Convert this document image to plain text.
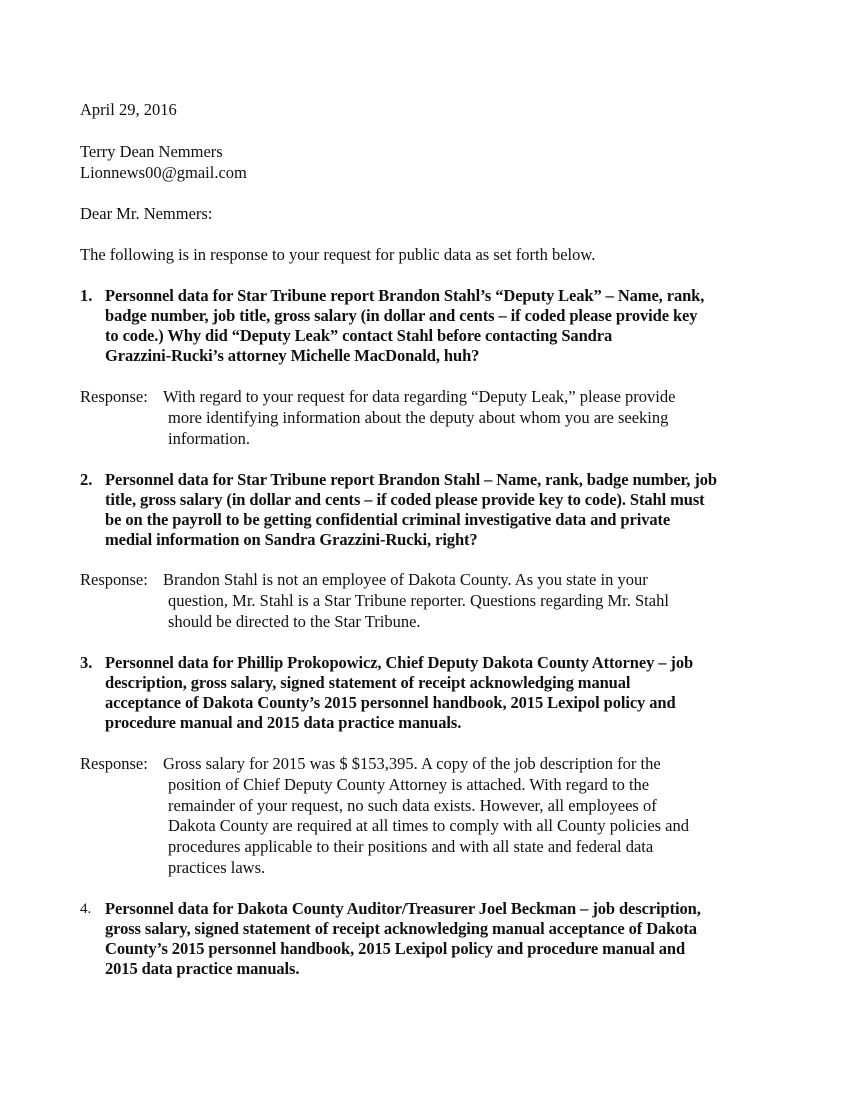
April 29, 2016

Terry Dean Nemmers
Lionnews00@gmail.com

Dear Mr. Nemmers:

The following is in response to your request for public data as set forth below.

1. Personnel data for Star Tribune report Brandon Stahl’s “Deputy Leak” – Name, rank,
badge number, job title, gross salary (in dollar and cents – if coded please provide key
to code.) Why did “Deputy Leak” contact Stahl before contacting Sandra
Grazzini-Rucki’s attorney Michelle MacDonald, huh?
Response: With regard to your request for data regarding “Deputy Leak,” please provide
more identifying information about the deputy about whom you are seeking
information.
2. Personnel data for Star Tribune report Brandon Stahl – Name, rank, badge number, job
title, gross salary (in dollar and cents – if coded please provide key to code). Stahl must
be on the payroll to be getting confidential criminal investigative data and private
medial information on Sandra Grazzini-Rucki, right?
Response: Brandon Stahl is not an employee of Dakota County. As you state in your
question, Mr. Stahl is a Star Tribune reporter. Questions regarding Mr. Stahl
should be directed to the Star Tribune.
3. Personnel data for Phillip Prokopowicz, Chief Deputy Dakota County Attorney – job
description, gross salary, signed statement of receipt acknowledging manual
acceptance of Dakota County’s 2015 personnel handbook, 2015 Lexipol policy and
procedure manual and 2015 data practice manuals.
Response: Gross salary for 2015 was $ $153,395. A copy of the job description for the
position of Chief Deputy County Attorney is attached. With regard to the
remainder of your request, no such data exists. However, all employees of
Dakota County are required at all times to comply with all County policies and
procedures applicable to their positions and with all state and federal data
practices laws.
4. Personnel data for Dakota County Auditor/Treasurer Joel Beckman – job description,
gross salary, signed statement of receipt acknowledging manual acceptance of Dakota
County’s 2015 personnel handbook, 2015 Lexipol policy and procedure manual and
2015 data practice manuals.
